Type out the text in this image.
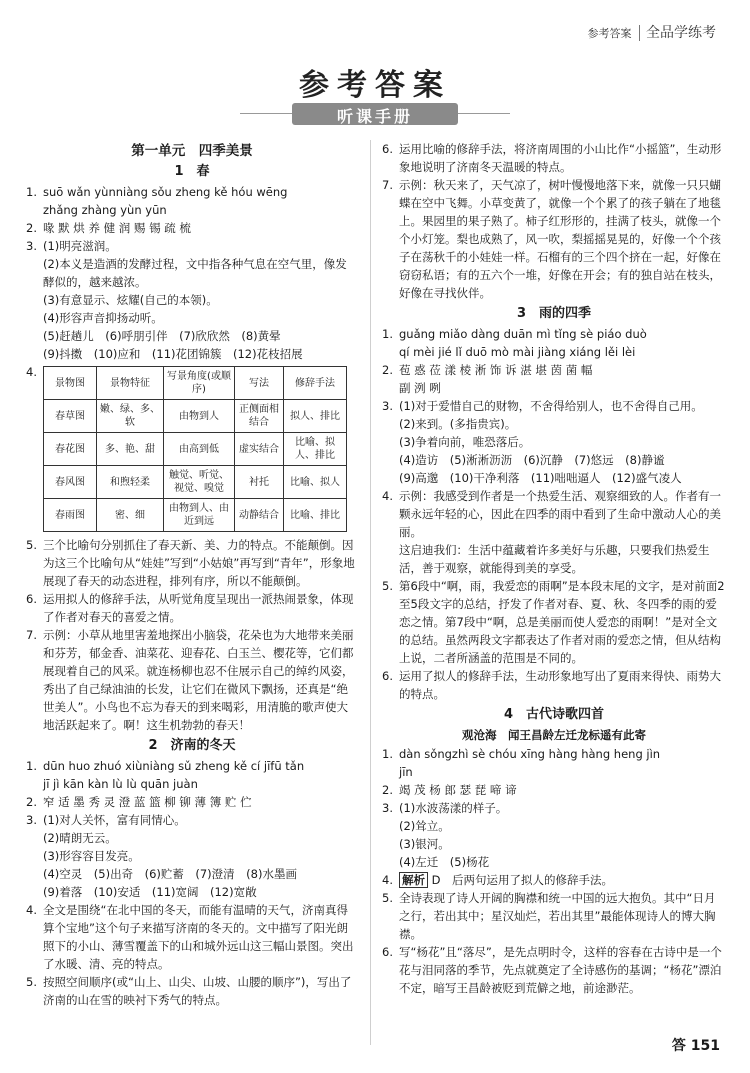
参考答案 全品学练考
参考答案
听课手册
第一单元　四季美景
1　春
1. suō wǎn yùnniàng sǒu zheng kě hóu wēng
zhǎng zhàng yùn yūn
2. 喙 默 烘 养 健 润 赐 锡 疏 梳
3. (1)明亮滋润。
(2)本义是造酒的发酵过程，文中指各种气息在空气里，像发酵似的，越来越浓。
(3)有意显示、炫耀(自己的本领)。
(4)形容声音抑扬动听。
(5)赶趟儿　(6)呼朋引伴　(7)欣欣然　(8)黄晕
(9)抖擞　(10)应和　(11)花团锦簇　(12)花枝招展
4.
景物图	景物特征	写景角度(或顺序)	写法	修辞手法
春草图	嫩、绿、多、软	由物到人	正侧面相结合	拟人、排比
春花图	多、艳、甜	由高到低	虚实结合	比喻、拟人、排比
春风图	和煦轻柔	触觉、听觉、视觉、嗅觉	衬托	比喻、拟人
春雨图	密、细	由物到人、由近到远	动静结合	比喻、排比
5. 三个比喻句分别抓住了春天新、美、力的特点。不能颠倒。因为这三个比喻句从“娃娃”写到“小姑娘”再写到“青年”，形象地展现了春天的动态进程，排列有序，所以不能颠倒。
6. 运用拟人的修辞手法，从听觉角度呈现出一派热闹景象，体现了作者对春天的喜爱之情。
7. 示例：小草从地里害羞地探出小脑袋，花朵也为大地带来美丽和芬芳，郁金香、油菜花、迎春花、白玉兰、樱花等，它们都展现着自己的风采。就连杨柳也忍不住展示自己的绰约风姿，秀出了自己绿油油的长发，让它们在微风下飘扬，还真是“绝世美人”。小鸟也不忘为春天的到来喝彩，用清脆的歌声使大地活跃起来了。啊！这生机勃勃的春天！
2　济南的冬天
1. dūn huo zhuó xiùniàng sǔ zheng kě cí jīfū tǎn
jī jì kān kàn lù lù quān juàn
2. 窄 适 墨 秀 灵 澄 蓝 篮 柳 铆 薄 簿 贮 伫
3. (1)对人关怀，富有同情心。
(2)晴朗无云。
(3)形容容目发亮。
(4)空灵　(5)出奇　(6)贮蓄　(7)澄清　(8)水墨画
(9)着落　(10)安适　(11)宽阔　(12)宽敞
4. 全文是围绕“在北中国的冬天，而能有温晴的天气，济南真得算个宝地”这个句子来描写济南的冬天的。文中描写了阳光朗照下的小山、薄雪覆盖下的山和城外远山这三幅山景图。突出了水暖、清、亮的特点。
5. 按照空间顺序(或“山上、山尖、山坡、山腰的顺序”)，写出了济南的山在雪的映衬下秀气的特点。
6. 运用比喻的修辞手法，将济南周围的小山比作“小摇篮”，生动形象地说明了济南冬天温暖的特点。
7. 示例：秋天来了，天气凉了，树叶慢慢地落下来，就像一只只蝴蝶在空中飞舞。小草变黄了，就像一个个累了的孩子躺在了地毯上。果园里的果子熟了。柿子红形形的，挂满了枝头，就像一个个小灯笼。梨也成熟了，风一吹，梨摇摇晃晃的，好像一个个孩子在荡秋千的小娃娃一样。石榴有的三个四个挤在一起，好像在窃窃私语；有的五六个一堆，好像在开会；有的独自站在枝头，好像在寻找伙伴。
3　雨的四季
1. guǎng miǎo dàng duān mì tǐng sè piáo duò
qí mèi jié lǐ duō mò mài jiàng xiáng lěi lèi
2. 苞 惑 莅 漾 棱 淅 饰 诉 湛 堪 茵 菌 幅
副 洌 咧
3. (1)对于爱惜自己的财物，不舍得给别人，也不舍得自己用。
(2)来到。(多指贵宾)。
(3)争着向前，唯恐落后。
(4)造访　(5)淅淅沥沥　(6)沉静　(7)悠远　(8)静谧
(9)高邈　(10)干净利落　(11)咄咄逼人　(12)盛气凌人
4. 示例：我感受到作者是一个热爱生活、观察细致的人。作者有一颗永远年轻的心，因此在四季的雨中看到了生命中激动人心的美丽。
这启迪我们：生活中蕴藏着许多美好与乐趣，只要我们热爱生活，善于观察，就能得到美的享受。
5. 第6段中“啊，雨，我爱恋的雨啊”是本段末尾的文字，是对前面2至5段文字的总结，抒发了作者对春、夏、秋、冬四季的雨的爱恋之情。第7段中“啊，总是美丽而使人爱恋的雨啊！”是对全文的总结。虽然两段文字都表达了作者对雨的爱恋之情，但从结构上说，二者所涵盖的范围是不同的。
6. 运用了拟人的修辞手法，生动形象地写出了夏雨来得快、雨势大的特点。
4　古代诗歌四首
观沧海　闻王昌龄左迁龙标遥有此寄
1. dàn sǒngzhì sè chóu xīng hàng hàng heng jìn
jīn
2. 竭 茂 杨 郎 瑟 琵 啼 谛
3. (1)水波荡漾的样子。
(2)耸立。
(3)银河。
(4)左迁　(5)杨花
4. 解析 D　后两句运用了拟人的修辞手法。
5. 全诗表现了诗人开阔的胸襟和统一中国的远大抱负。其中“日月之行，若出其中；星汉灿烂，若出其里”最能体现诗人的博大胸襟。
6. 写“杨花”且“落尽”，是先点明时令，这样的容春在古诗中是一个花与泪同落的季节，先点就奠定了全诗感伤的基调；“杨花”漂泊不定，暗写王昌龄被贬到荒僻之地，前途渺茫。
答 151
